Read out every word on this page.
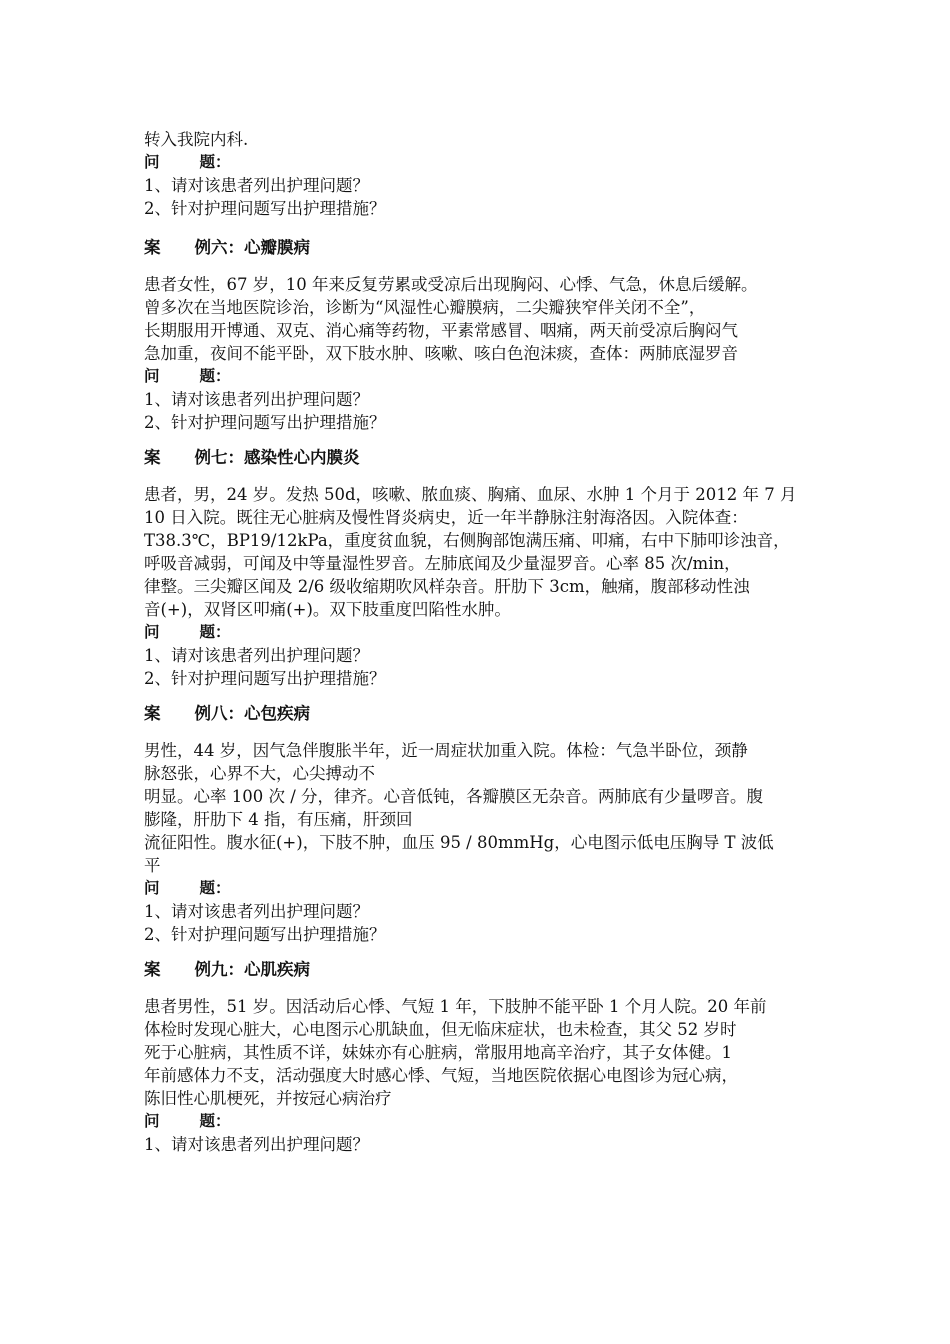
转入我院内科.

问	题：

1、请对该患者列出护理问题？

2、针对护理问题写出护理措施？

案 例六：心瓣膜病

患者女性，67 岁，10 年来反复劳累或受凉后出现胸闷、心悸、气急，休息后缓解。

曾多次在当地医院诊治，诊断为“风湿性心瓣膜病，二尖瓣狭窄伴关闭不全”，

长期服用开博通、双克、消心痛等药物，平素常感冒、咽痛，两天前受凉后胸闷气

急加重，夜间不能平卧，双下肢水肿、咳嗽、咳白色泡沫痰，查体：两肺底湿罗音

问	题：

1、请对该患者列出护理问题？

2、针对护理问题写出护理措施？

案 例七：感染性心内膜炎

患者，男，24 岁。发热 50d，咳嗽、脓血痰、胸痛、血尿、水肿 1 个月于 2012 年 7 月

10 日入院。既往无心脏病及慢性肾炎病史，近一年半静脉注射海洛因。入院体查：

T38.3℃，BP19/12kPa，重度贫血貌，右侧胸部饱满压痛、叩痛，右中下肺叩诊浊音，

呼吸音减弱，可闻及中等量湿性罗音。左肺底闻及少量湿罗音。心率 85 次/min，

律整。三尖瓣区闻及 2/6 级收缩期吹风样杂音。肝肋下 3cm，触痛，腹部移动性浊

音(+)，双肾区叩痛(+)。双下肢重度凹陷性水肿。

问	题：

1、请对该患者列出护理问题？

2、针对护理问题写出护理措施？

案 例八：心包疾病

男性，44 岁，因气急伴腹胀半年，近一周症状加重入院。体检：气急半卧位，颈静

脉怒张，心界不大，心尖搏动不

明显。心率 100 次 / 分，律齐。心音低钝，各瓣膜区无杂音。两肺底有少量啰音。腹

膨隆，肝肋下 4 指，有压痛，肝颈回

流征阳性。腹水征(+)，下肢不肿，血压 95 / 80mmHg，心电图示低电压胸导 T 波低

平

问	题：

1、请对该患者列出护理问题？

2、针对护理问题写出护理措施？

案 例九：心肌疾病

患者男性，51 岁。因活动后心悸、气短 1 年，下肢肿不能平卧 1 个月人院。20 年前

体检时发现心脏大，心电图示心肌缺血，但无临床症状，也未检查，其父 52 岁时

死于心脏病，其性质不详，妹妹亦有心脏病，常服用地高辛治疗，其子女体健。1

年前感体力不支，活动强度大时感心悸、气短，当地医院依据心电图诊为冠心病，

陈旧性心肌梗死，并按冠心病治疗

问	题：

1、请对该患者列出护理问题？
